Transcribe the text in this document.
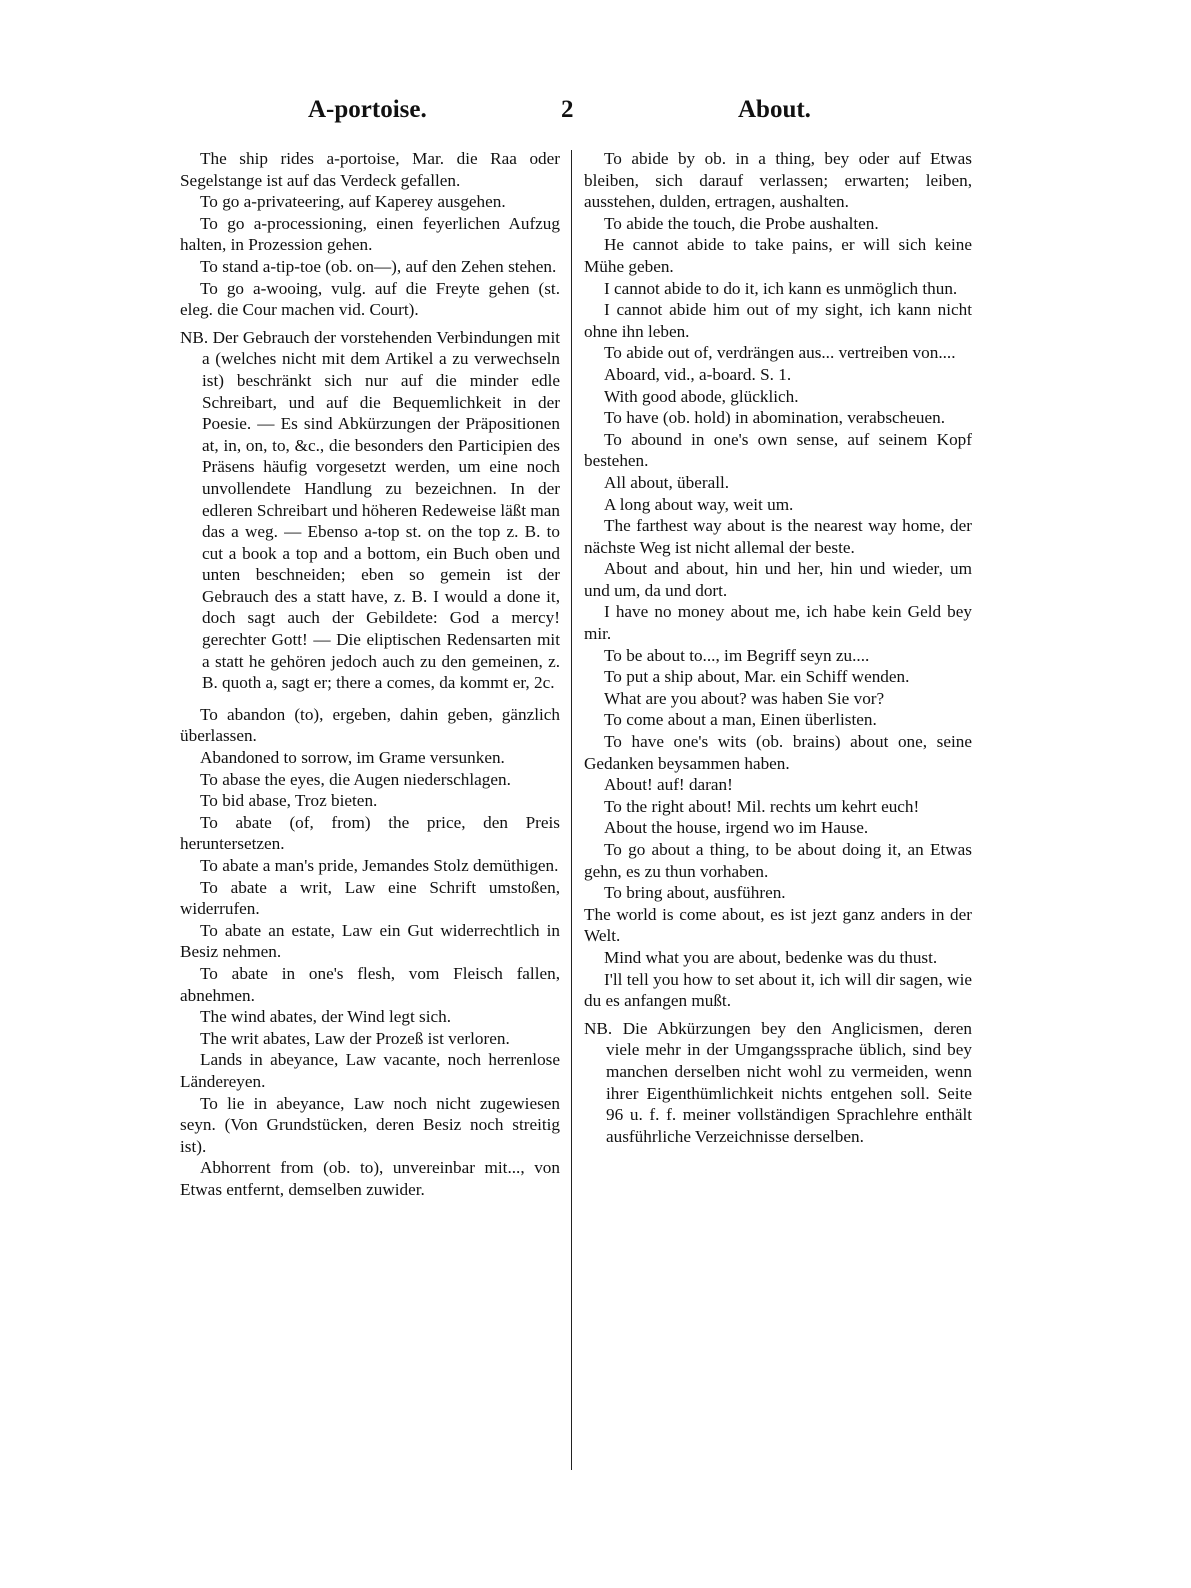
A-portoise.	2	About.

The ship rides a-portoise, Mar. die Raa oder Segelstange ist auf das Verdeck gefallen.

To go a-privateering, auf Kaperey ausgehen.

To go a-processioning, einen feyerlichen Aufzug halten, in Prozession gehen.

To stand a-tip-toe (ob. on—), auf den Zehen stehen.

To go a-wooing, vulg. auf die Freyte gehen (st. eleg. die Cour machen vid. Court).

NB. Der Gebrauch der vorstehenden Verbindungen mit a (welches nicht mit dem Artikel a zu verwechseln ist) beschränkt sich nur auf die minder edle Schreibart, und auf die Bequemlichkeit in der Poesie. — Es sind Abkürzungen der Präpositionen at, in, on, to, &c., die besonders den Participien des Präsens häufig vorgesetzt werden, um eine noch unvollendete Handlung zu bezeichnen. In der edleren Schreibart und höheren Redeweise läßt man das a weg. — Ebenso a-top st. on the top z. B. to cut a book a top and a bottom, ein Buch oben und unten beschneiden; eben so gemein ist der Gebrauch des a statt have, z. B. I would a done it, doch sagt auch der Gebildete: God a mercy! gerechter Gott! — Die eliptischen Redensarten mit a statt he gehören jedoch auch zu den gemeinen, z. B. quoth a, sagt er; there a comes, da kommt er, 2c.

To abandon (to), ergeben, dahin geben, gänzlich überlassen.

Abandoned to sorrow, im Grame versunken.

To abase the eyes, die Augen niederschlagen.

To bid abase, Troz bieten.

To abate (of, from) the price, den Preis heruntersetzen.

To abate a man's pride, Jemandes Stolz demüthigen.

To abate a writ, Law eine Schrift umstoßen, widerrufen.

To abate an estate, Law ein Gut widerrechtlich in Besiz nehmen.

To abate in one's flesh, vom Fleisch fallen, abnehmen.

The wind abates, der Wind legt sich.

The writ abates, Law der Prozeß ist verloren.

Lands in abeyance, Law vacante, noch herrenlose Ländereyen.

To lie in abeyance, Law noch nicht zugewiesen seyn. (Von Grundstücken, deren Besiz noch streitig ist).

Abhorrent from (ob. to), unvereinbar mit..., von Etwas entfernt, demselben zuwider.

To abide by ob. in a thing, bey oder auf Etwas bleiben, sich darauf verlassen; erwarten; leiben, ausstehen, dulden, ertragen, aushalten.

To abide the touch, die Probe aushalten.

He cannot abide to take pains, er will sich keine Mühe geben.

I cannot abide to do it, ich kann es unmöglich thun.

I cannot abide him out of my sight, ich kann nicht ohne ihn leben.

To abide out of, verdrängen aus... vertreiben von....

Aboard, vid., a-board. S. 1.

With good abode, glücklich.

To have (ob. hold) in abomination, verabscheuen.

To abound in one's own sense, auf seinem Kopf bestehen.

All about, überall.

A long about way, weit um.

The farthest way about is the nearest way home, der nächste Weg ist nicht allemal der beste.

About and about, hin und her, hin und wieder, um und um, da und dort.

I have no money about me, ich habe kein Geld bey mir.

To be about to..., im Begriff seyn zu....

To put a ship about, Mar. ein Schiff wenden.

What are you about? was haben Sie vor?

To come about a man, Einen überlisten.

To have one's wits (ob. brains) about one, seine Gedanken beysammen haben.

About! auf! daran!

To the right about! Mil. rechts um kehrt euch!

About the house, irgend wo im Hause.

To go about a thing, to be about doing it, an Etwas gehn, es zu thun vorhaben.

To bring about, ausführen.

The world is come about, es ist jezt ganz anders in der Welt.

Mind what you are about, bedenke was du thust.

I'll tell you how to set about it, ich will dir sagen, wie du es anfangen mußt.

NB. Die Abkürzungen bey den Anglicismen, deren viele mehr in der Umgangssprache üblich, sind bey manchen derselben nicht wohl zu vermeiden, wenn ihrer Eigenthümlichkeit nichts entgehen soll. Seite 96 u. f. f. meiner vollständigen Sprachlehre enthält ausführliche Verzeichnisse derselben.
